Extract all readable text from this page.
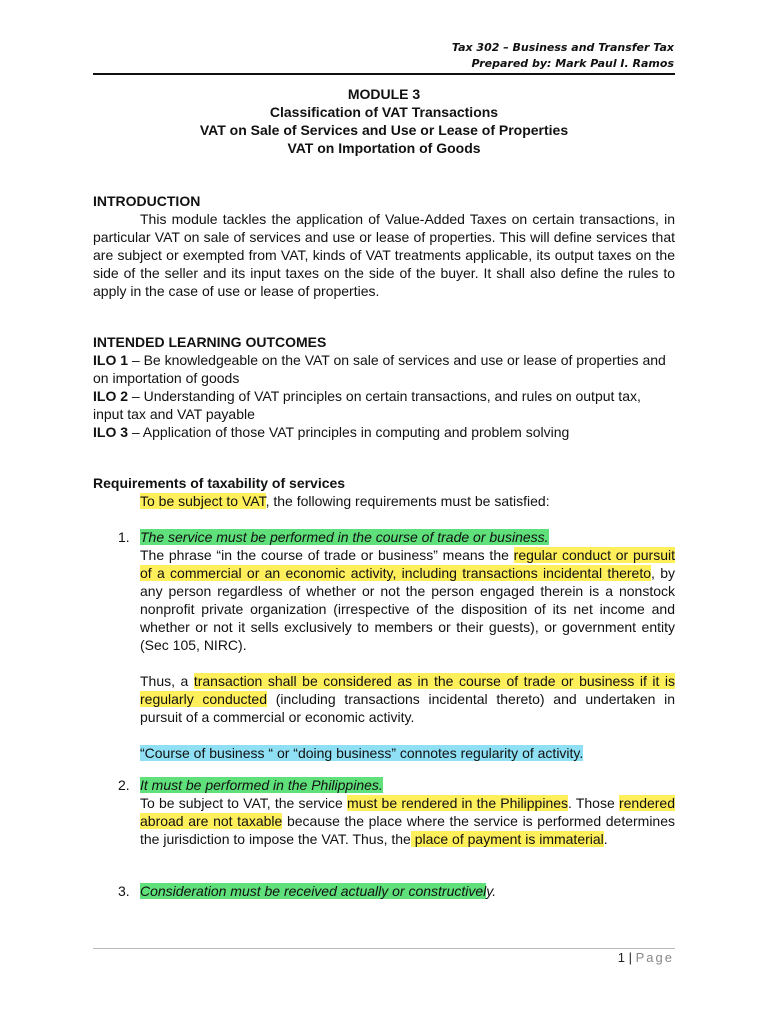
Tax 302 – Business and Transfer Tax
Prepared by: Mark Paul I. Ramos
MODULE 3
Classification of VAT Transactions
VAT on Sale of Services and Use or Lease of Properties
VAT on Importation of Goods
INTRODUCTION
This module tackles the application of Value-Added Taxes on certain transactions, in particular VAT on sale of services and use or lease of properties. This will define services that are subject or exempted from VAT, kinds of VAT treatments applicable, its output taxes on the side of the seller and its input taxes on the side of the buyer. It shall also define the rules to apply in the case of use or lease of properties.
INTENDED LEARNING OUTCOMES
ILO 1 – Be knowledgeable on the VAT on sale of services and use or lease of properties and on importation of goods
ILO 2 – Understanding of VAT principles on certain transactions, and rules on output tax, input tax and VAT payable
ILO 3 – Application of those VAT principles in computing and problem solving
Requirements of taxability of services
To be subject to VAT, the following requirements must be satisfied:
1. The service must be performed in the course of trade or business.
The phrase “in the course of trade or business” means the regular conduct or pursuit of a commercial or an economic activity, including transactions incidental thereto, by any person regardless of whether or not the person engaged therein is a nonstock nonprofit private organization (irrespective of the disposition of its net income and whether or not it sells exclusively to members or their guests), or government entity (Sec 105, NIRC).
Thus, a transaction shall be considered as in the course of trade or business if it is regularly conducted (including transactions incidental thereto) and undertaken in pursuit of a commercial or economic activity.
“Course of business “ or “doing business” connotes regularity of activity.
2. It must be performed in the Philippines.
To be subject to VAT, the service must be rendered in the Philippines. Those rendered abroad are not taxable because the place where the service is performed determines the jurisdiction to impose the VAT. Thus, the place of payment is immaterial.
3. Consideration must be received actually or constructively.
1 | Page
